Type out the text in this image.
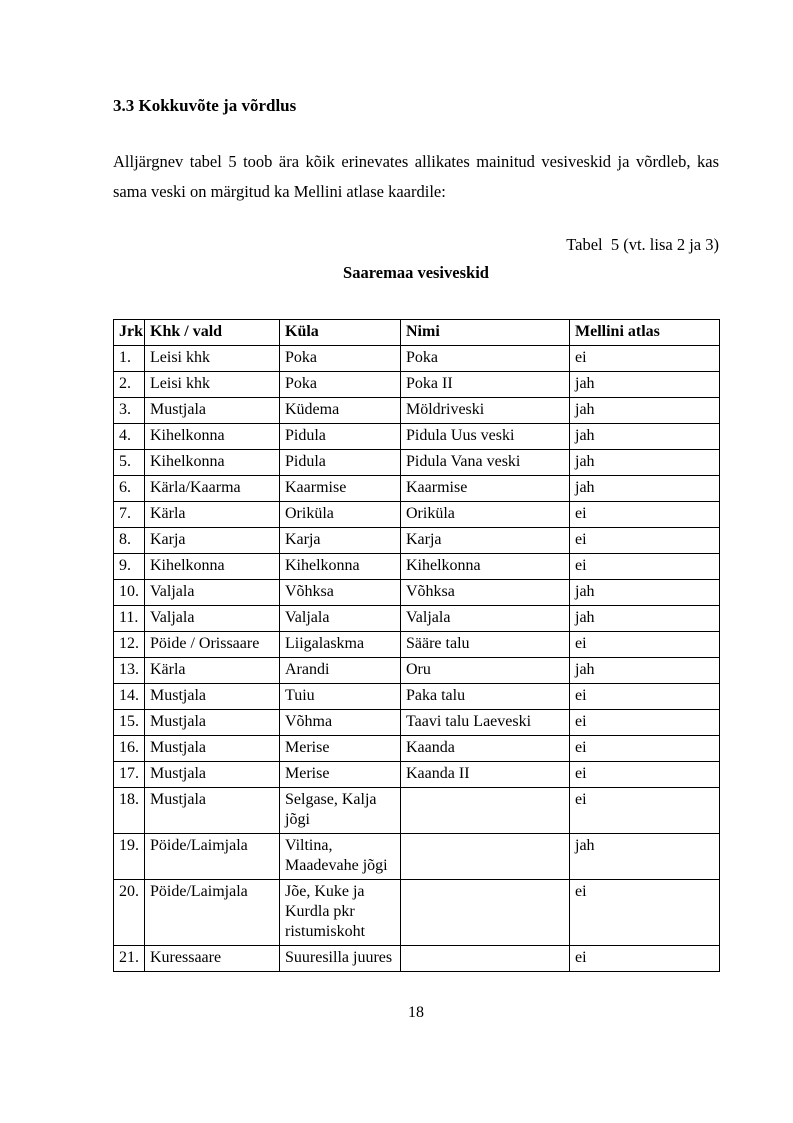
3.3 Kokkuvõte ja võrdlus
Alljärgnev tabel 5 toob ära kõik erinevates allikates mainitud vesiveskid ja võrdleb, kas sama veski on märgitud ka Mellini atlase kaardile:
Tabel  5 (vt. lisa 2 ja 3)
Saaremaa vesiveskid
Jrk	Khk / vald	Küla	Nimi	Mellini atlas
1.	Leisi khk	Poka	Poka	ei
2.	Leisi khk	Poka	Poka II	jah
3.	Mustjala	Küdema	Möldriveski	jah
4.	Kihelkonna	Pidula	Pidula Uus veski	jah
5.	Kihelkonna	Pidula	Pidula Vana veski	jah
6.	Kärla/Kaarma	Kaarmise	Kaarmise	jah
7.	Kärla	Oriküla	Oriküla	ei
8.	Karja	Karja	Karja	ei
9.	Kihelkonna	Kihelkonna	Kihelkonna	ei
10.	Valjala	Võhksa	Võhksa	jah
11.	Valjala	Valjala	Valjala	jah
12.	Pöide / Orissaare	Liigalaskma	Sääre talu	ei
13.	Kärla	Arandi	Oru	jah
14.	Mustjala	Tuiu	Paka talu	ei
15.	Mustjala	Võhma	Taavi talu Laeveski	ei
16.	Mustjala	Merise	Kaanda	ei
17.	Mustjala	Merise	Kaanda II	ei
18.	Mustjala	Selgase, Kalja jõgi		ei
19.	Pöide/Laimjala	Viltina, Maadevahe jõgi		jah
20.	Pöide/Laimjala	Jõe, Kuke ja Kurdla pkr ristumiskoht		ei
21.	Kuressaare	Suuresilla juures		ei
18
